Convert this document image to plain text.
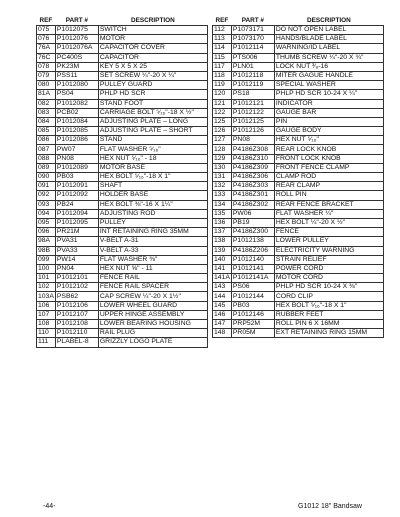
REF	PART #	DESCRIPTION
075	P1012075	SWITCH
076	P1012076	MOTOR
76A	P1012076A	CAPACITOR COVER
76C	PC400S	CAPACITOR
078	PK23M	KEY 5 X 5 X 25
079	PSS11	SET SCREW ¼"-20 X ¼"
080	P1012080	PULLEY GUARD
81A	PS04	PHLP HD SCR
082	P1012082	STAND FOOT
083	PCB02	CARRIAGE BOLT ⁵⁄₁₆"-18 X ½"
084	P1012084	ADJUSTING PLATE – LONG
085	P1012085	ADJUSTING PLATE – SHORT
086	P1012086	STAND
087	PW07	FLAT WASHER ⁵⁄₁₆"
088	PN08	HEX NUT ⁵⁄₁₆" - 18
089	P1012089	MOTOR BASE
090	PB03	HEX BOLT ⁵⁄₁₆"-18 X 1"
091	P1012091	SHAFT
092	P1012092	HOLDER BASE
093	PB24	HEX BOLT ⅜"-16 X 1¼"
094	P1012094	ADJUSTING ROD
095	P1012095	PULLEY
096	PR21M	INT RETAINING RING 35MM
98A	PVA31	V-BELT A-31
98B	PVA33	V-BELT A-33
099	PW14	FLAT WASHER ⅜"
100	PN04	HEX NUT ⅝" - 11
101	P1012101	FENCE RAIL
102	P1012102	FENCE RAIL SPACER
103A	PSB62	CAP SCREW ¼"-20 X 1½"
106	P1012106	LOWER WHEEL GUARD
107	P1012107	UPPER HINGE ASSEMBLY
108	P1012108	LOWER BEARING HOUSING
110	P1012110	RAIL PLUG
111	PLABEL-8	GRIZZLY LOGO PLATE
REF	PART #	DESCRIPTION
112	P1073171	DO NOT OPEN LABEL
113	P1073170	HANDS/BLADE LABEL
114	P1012114	WARNING/ID LABEL
115	PTS006	THUMB SCREW ¼"-20 X ¾"
117	PLN01	LOCK NUT ³⁄₈-16
118	P1012118	MITER GAGUE HANDLE
119	P1012119	SPECIAL WASHER
120	PS18	PHLP HD SCR 10-24 X ¼"
121	P1012121	INDICATOR
122	P1012122	GAUGE BAR
125	P1012125	PIN
126	P1012126	GAUGE BODY
127	PN08	HEX NUT ⁵⁄₁₆"
128	P4186Z308	REAR LOCK KNOB
129	P4186Z310	FRONT LOCK KNOB
130	P4186Z309	FRONT FENCE CLAMP
131	P4186Z306	CLAMP ROD
132	P4186Z303	REAR CLAMP
133	P4186Z301	ROLL PIN
134	P4186Z302	REAR FENCE BRACKET
135	PW06	FLAT WASHER ¼"
136	PB19	HEX BOLT ¼"-20 X ½"
137	P4186Z300	FENCE
138	P1012138	LOWER PULLEY
139	P4186Z206	ELECTRICITY WARNING
140	P1012140	STRAIN RELIEF
141	P1012141	POWER CORD
141A	P1012141A	MOTOR CORD
143	PS06	PHLP HD SCR 10-24 X ⅜"
144	P1012144	CORD CLIP
145	PB03	HEX BOLT ⁵⁄₁₆"-18 X 1"
146	P1012146	RUBBER FEET
147	PRP52M	ROLL PIN 6 X 16MM
148	PR05M	EXT RETAINING RING 15MM
-44-	G1012 18" Bandsaw
